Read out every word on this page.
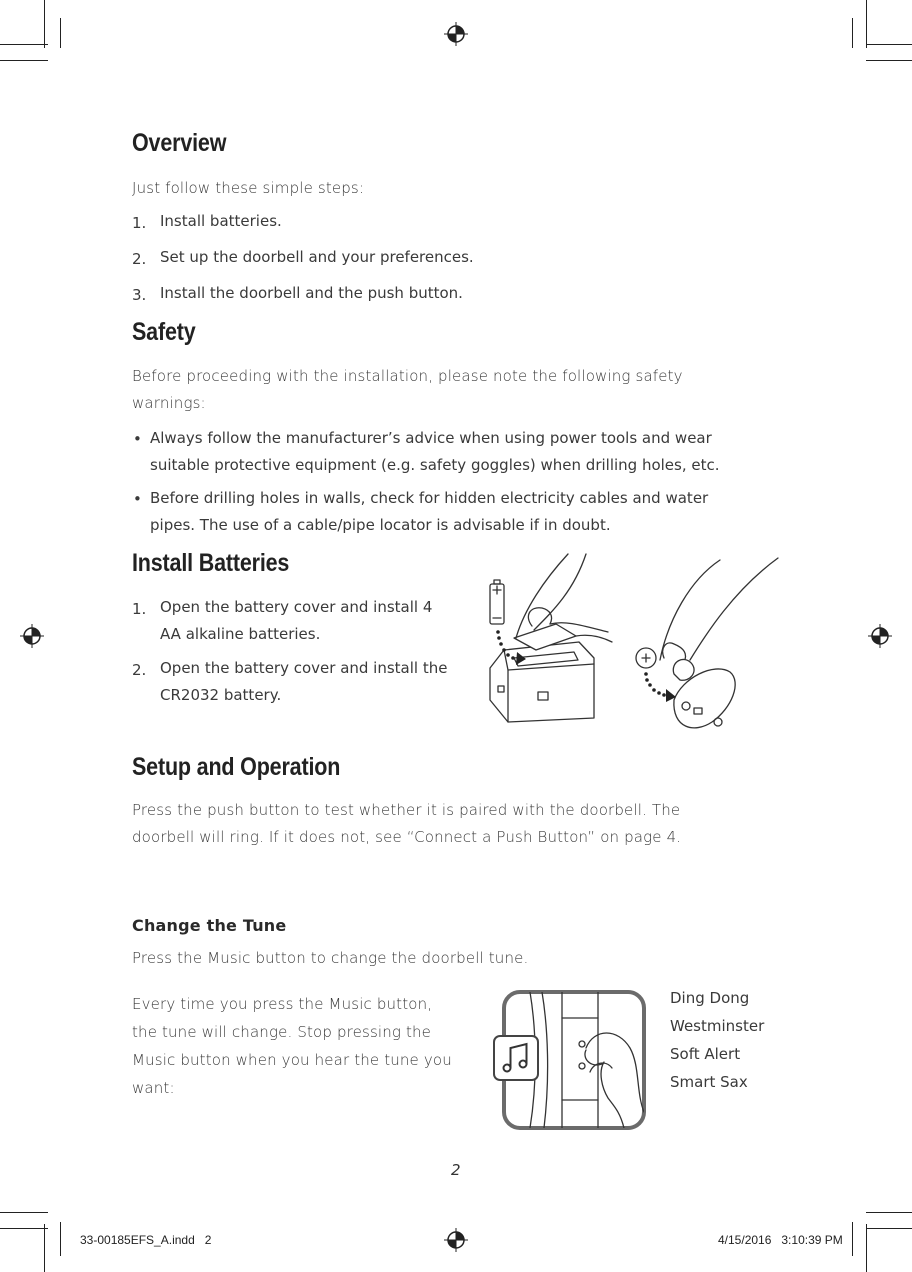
Overview
Just follow these simple steps:
1. Install batteries.
2. Set up the doorbell and your preferences.
3. Install the doorbell and the push button.
Safety
Before proceeding with the installation, please note the following safety
warnings:
• Always follow the manufacturer’s advice when using power tools and wear
suitable protective equipment (e.g. safety goggles) when drilling holes, etc.
• Before drilling holes in walls, check for hidden electricity cables and water
pipes. The use of a cable/pipe locator is advisable if in doubt.
Install Batteries
1. Open the battery cover and install 4
AA alkaline batteries.
2. Open the battery cover and install the
CR2032 battery.
Setup and Operation
Press the push button to test whether it is paired with the doorbell. The
doorbell will ring. If it does not, see “Connect a Push Button” on page 4.
Change the Tune
Press the Music button to change the doorbell tune.
Every time you press the Music button,
the tune will change. Stop pressing the
Music button when you hear the tune you
want:
Ding Dong
Westminster
Soft Alert
Smart Sax
2
33-00185EFS_A.indd   2	4/15/2016   3:10:39 PM
